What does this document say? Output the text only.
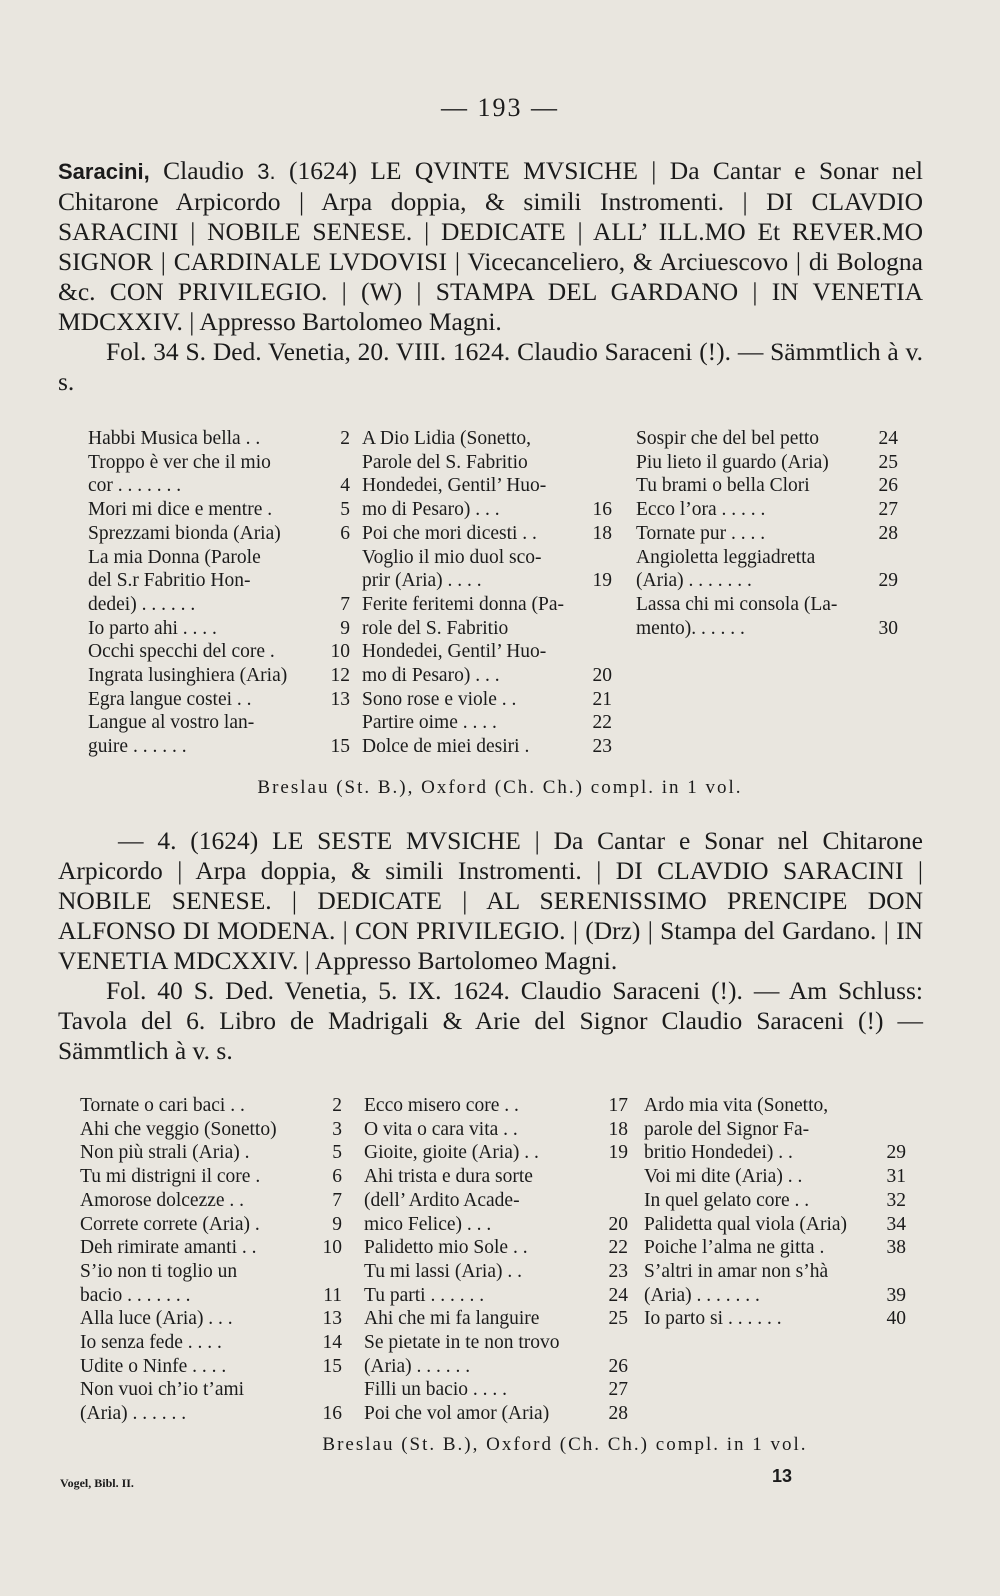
— 193 —

Saracini, Claudio 3. (1624) LE QVINTE MVSICHE | Da Cantar e Sonar nel Chitarone Arpicordo | Arpa doppia, & simili Instromenti. | DI CLAVDIO SARACINI | NOBILE SENESE. | DEDICATE | ALL’ ILL.MO Et REVER.MO SIGNOR | CARDINALE LVDOVISI | Vicecanceliero, & Arciuescovo | di Bologna &c. CON PRIVILEGIO. | (W) | STAMPA DEL GARDANO | IN VENETIA MDCXXIV. | Appresso Bartolomeo Magni.

Fol. 34 S. Ded. Venetia, 20. VIII. 1624. Claudio Saraceni (!). — Sämmtlich à v. s.

Habbi Musica bella . .	2
Troppo è ver che il mio
cor . . . . . . .	4
Mori mi dice e mentre .	5
Sprezzami bionda (Aria)	6
La mia Donna (Parole
del S.r Fabritio Hon-
dedei) . . . . . .	7
Io parto ahi . . . .	9
Occhi specchi del core .	10
Ingrata lusinghiera (Aria)	12
Egra langue costei . .	13
Langue al vostro lan-
guire . . . . . .	15
A Dio Lidia (Sonetto,
Parole del S. Fabritio
Hondedei, Gentil’ Huo-
mo di Pesaro) . . .	16
Poi che mori dicesti . .	18
Voglio il mio duol sco-
prir (Aria) . . . .	19
Ferite feritemi donna (Pa-
role del S. Fabritio
Hondedei, Gentil’ Huo-
mo di Pesaro) . . .	20
Sono rose e viole . .	21
Partire oime . . . .	22
Dolce de miei desiri .	23
Sospir che del bel petto	24
Piu lieto il guardo (Aria)	25
Tu brami o bella Clori	26
Ecco l’ora . . . . .	27
Tornate pur . . . .	28
Angioletta leggiadretta
(Aria) . . . . . . .	29
Lassa chi mi consola (La-
mento). . . . . .	30
Breslau (St. B.), Oxford (Ch. Ch.) compl. in 1 vol.

— 4. (1624) LE SESTE MVSICHE | Da Cantar e Sonar nel Chitarone Arpicordo | Arpa doppia, & simili Instromenti. | DI CLAVDIO SARACINI | NOBILE SENESE. | DEDICATE | AL SERENISSIMO PRENCIPE DON ALFONSO DI MODENA. | CON PRIVILEGIO. | (Drz) | Stampa del Gardano. | IN VENETIA MDCXXIV. | Appresso Bartolomeo Magni.

Fol. 40 S. Ded. Venetia, 5. IX. 1624. Claudio Saraceni (!). — Am Schluss: Tavola del 6. Libro de Madrigali & Arie del Signor Claudio Saraceni (!) — Sämmtlich à v. s.

Tornate o cari baci . .	2
Ahi che veggio (Sonetto)	3
Non più strali (Aria) .	5
Tu mi distrigni il core .	6
Amorose dolcezze . .	7
Correte correte (Aria) .	9
Deh rimirate amanti . .	10
S’io non ti toglio un
bacio . . . . . . .	11
Alla luce (Aria) . . .	13
Io senza fede . . . .	14
Udite o Ninfe . . . .	15
Non vuoi ch’io t’ami
(Aria) . . . . . .	16
Ecco misero core . .	17
O vita o cara vita . .	18
Gioite, gioite (Aria) . .	19
Ahi trista e dura sorte
(dell’ Ardito Acade-
mico Felice) . . .	20
Palidetto mio Sole . .	22
Tu mi lassi (Aria) . .	23
Tu parti . . . . . .	24
Ahi che mi fa languire	25
Se pietate in te non trovo
(Aria) . . . . . .	26
Filli un bacio . . . .	27
Poi che vol amor (Aria)	28
Ardo mia vita (Sonetto,
parole del Signor Fa-
britio Hondedei) . .	29
Voi mi dite (Aria) . .	31
In quel gelato core . .	32
Palidetta qual viola (Aria)	34
Poiche l’alma ne gitta .	38
S’altri in amar non s’hà
(Aria) . . . . . . .	39
Io parto si . . . . . .	40
Breslau (St. B.), Oxford (Ch. Ch.) compl. in 1 vol.
Vogel, Bibl. II.	13
